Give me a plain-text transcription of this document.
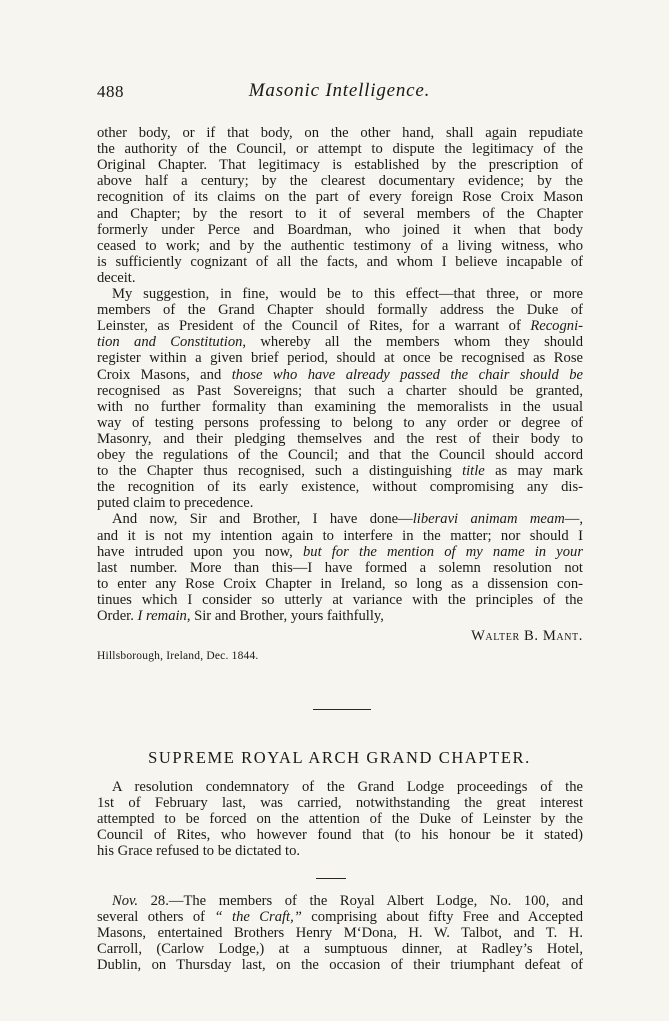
488	Masonic Intelligence.
other body, or if that body, on the other hand, shall again repudiate
the authority of the Council, or attempt to dispute the legitimacy of the
Original Chapter. That legitimacy is established by the prescription of
above half a century; by the clearest documentary evidence; by the
recognition of its claims on the part of every foreign Rose Croix Mason
and Chapter; by the resort to it of several members of the Chapter
formerly under Perce and Boardman, who joined it when that body
ceased to work; and by the authentic testimony of a living witness, who
is sufficiently cognizant of all the facts, and whom I believe incapable of
deceit.
My suggestion, in fine, would be to this effect—that three, or more
members of the Grand Chapter should formally address the Duke of
Leinster, as President of the Council of Rites, for a warrant of Recogni-
tion and Constitution, whereby all the members whom they should
register within a given brief period, should at once be recognised as Rose
Croix Masons, and those who have already passed the chair should be
recognised as Past Sovereigns; that such a charter should be granted,
with no further formality than examining the memoralists in the usual
way of testing persons professing to belong to any order or degree of
Masonry, and their pledging themselves and the rest of their body to
obey the regulations of the Council; and that the Council should accord
to the Chapter thus recognised, such a distinguishing title as may mark
the recognition of its early existence, without compromising any dis-
puted claim to precedence.
And now, Sir and Brother, I have done—liberavi animam meam—,
and it is not my intention again to interfere in the matter; nor should I
have intruded upon you now, but for the mention of my name in your
last number. More than this—I have formed a solemn resolution not
to enter any Rose Croix Chapter in Ireland, so long as a dissension con-
tinues which I consider so utterly at variance with the principles of the
Order. I remain, Sir and Brother, yours faithfully,
Walter B. Mant.
Hillsborough, Ireland, Dec. 1844.
A resolution condemnatory of the Grand Lodge proceedings of the
1st of February last, was carried, notwithstanding the great interest
attempted to be forced on the attention of the Duke of Leinster by the
Council of Rites, who however found that (to his honour be it stated)
his Grace refused to be dictated to.
Nov. 28.—The members of the Royal Albert Lodge, No. 100, and
several others of “ the Craft,” comprising about fifty Free and Accepted
Masons, entertained Brothers Henry M‘Dona, H. W. Talbot, and T. H.
Carroll, (Carlow Lodge,) at a sumptuous dinner, at Radley’s Hotel,
Dublin, on Thursday last, on the occasion of their triumphant defeat of
SUPREME ROYAL ARCH GRAND CHAPTER.
